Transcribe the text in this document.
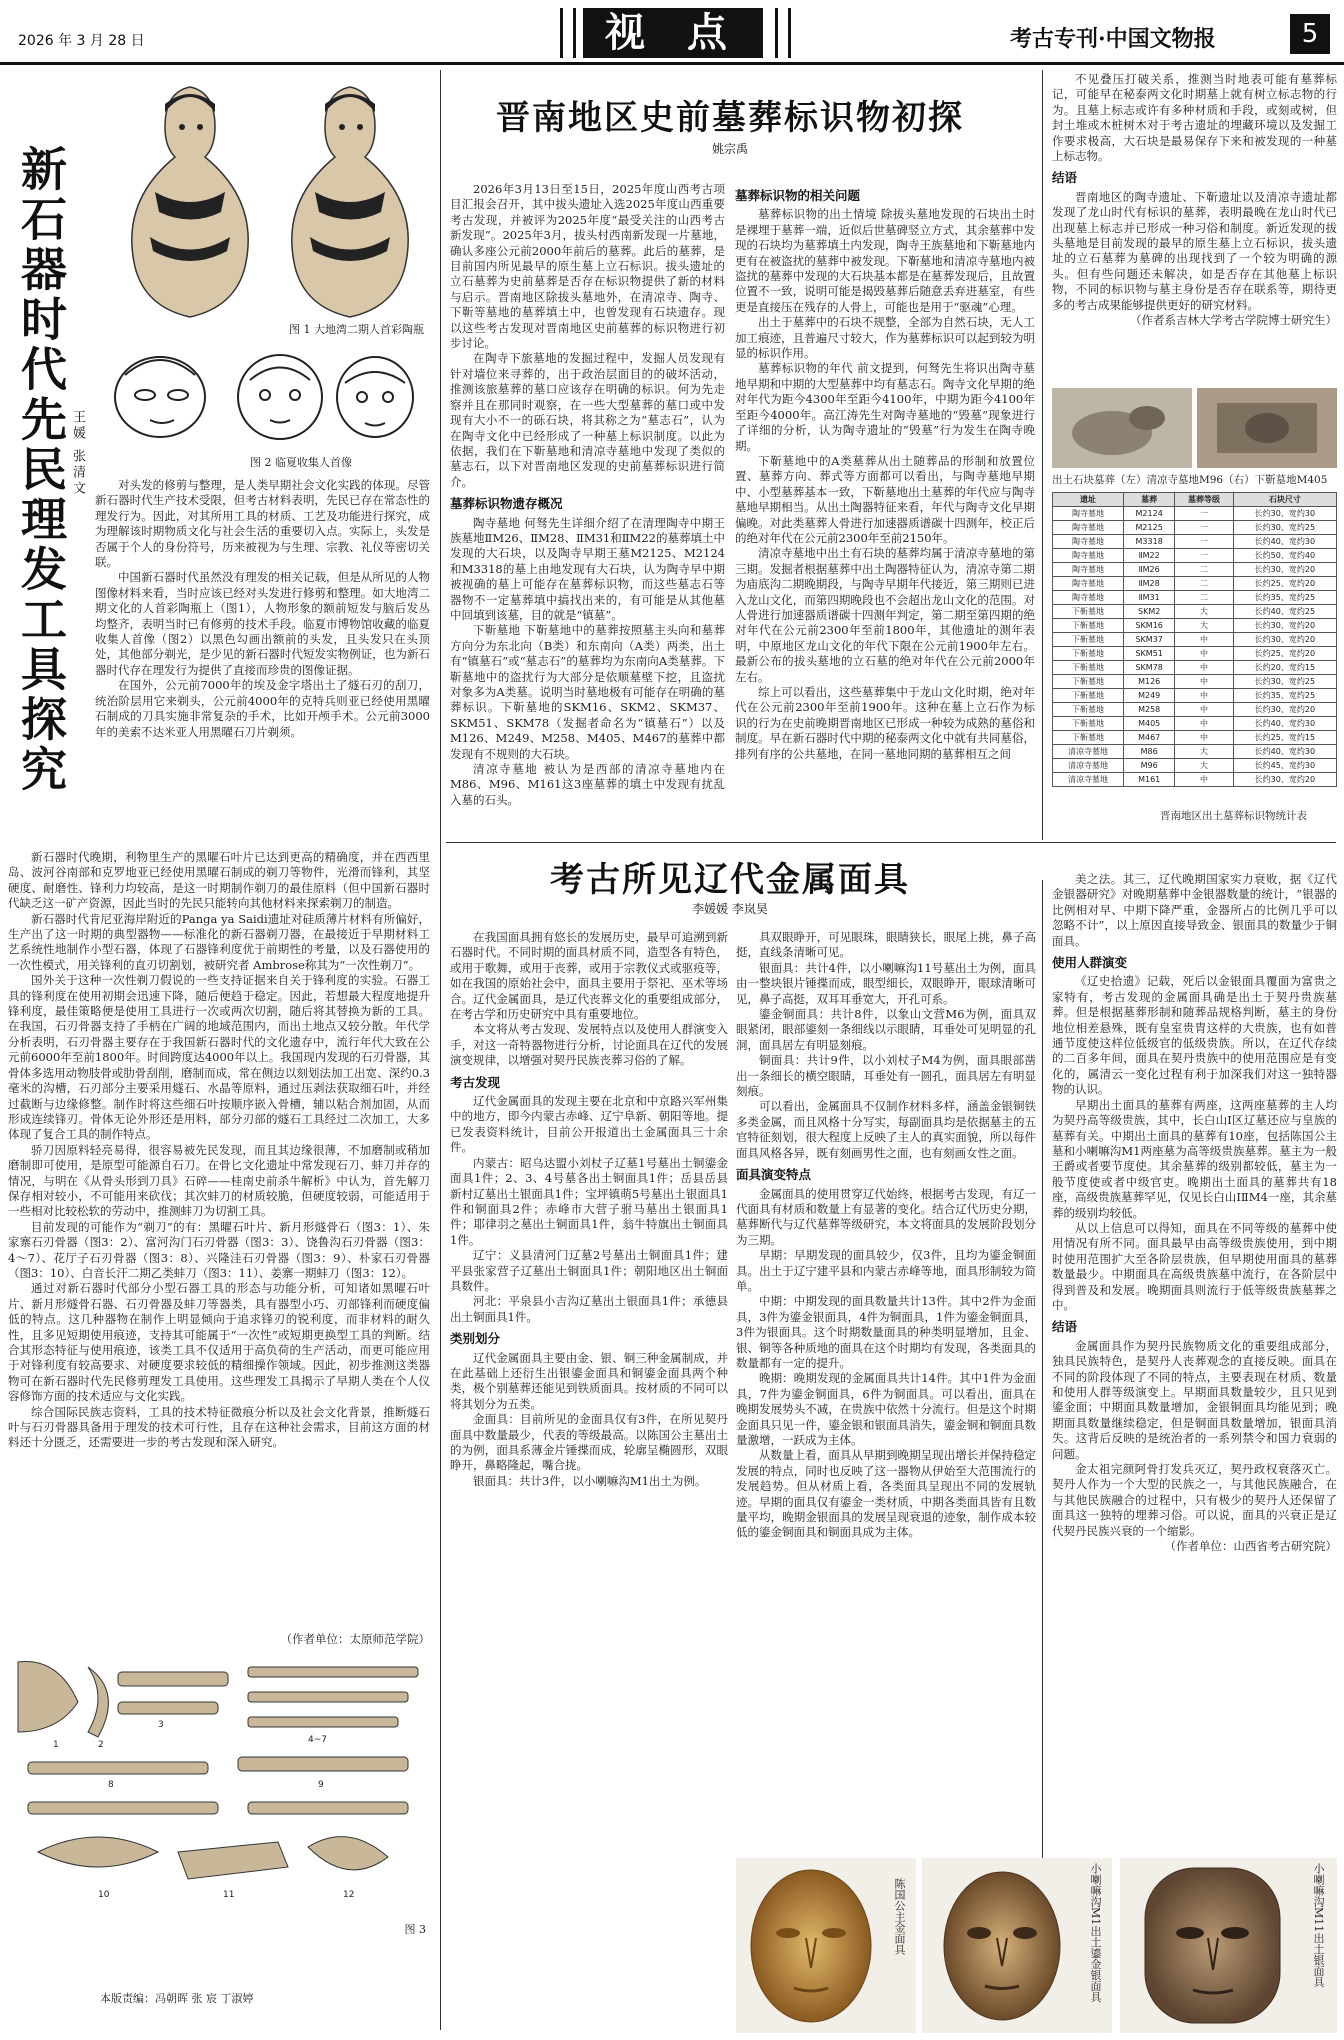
2026 年 3 月 28 日	视 点	考古专刊·中国文物报	5
新石器时代先民理发工具探究 王媛 张清文
图 1 大地湾二期人首彩陶瓶
图 2 临夏收集人首像

对头发的修剪与整理，是人类早期社会文化实践的体现。尽管新石器时代生产技术受限，但考古材料表明，先民已存在常态性的理发行为。因此，对其所用工具的材质、工艺及功能进行探究，成为理解该时期物质文化与社会生活的重要切入点。实际上，头发是否属于个人的身份符号，历来被视为与生理、宗教、礼仪等密切关联。

中国新石器时代虽然没有理发的相关记载，但是从所见的人物图像材料来看，当时应该已经对头发进行修剪和整理。如大地湾二期文化的人首彩陶瓶上（图1），人物形象的额前短发与脑后发丛均整齐，表明当时已有修剪的技术手段。临夏市博物馆收藏的临夏收集人首像（图2）以黑色勾画出额前的头发，且头发只在头顶处，其他部分剃光，是少见的新石器时代短发实物例证，也为新石器时代存在理发行为提供了直接而珍贵的图像证据。

在国外，公元前7000年的埃及金字塔出土了燧石刃的刮刀，统治阶层用它来剃头，公元前4000年的克特兵则亚已经使用黑曜石制成的刀具实施非常复杂的手术，比如开颅手术。公元前3000年的美索不达米亚人用黑曜石刀片剃须。

新石器时代晚期，利物里生产的黑曜石叶片已达到更高的精确度，并在西西里岛、波河谷南部和克罗地亚已经使用黑曜石制成的剃刀等物件，光滑而锋利，其坚硬度、耐磨性、锋利力均较高，是这一时期制作剃刀的最佳原料（但中国新石器时代缺乏这一矿产资源，因此当时的先民只能转向其他材料来探索剃刀的制造。

新石器时代肯尼亚海岸附近的Panga ya Saidi遗址对硅质薄片材料有所偏好，生产出了这一时期的典型器物——标准化的新石器剃刀器，在最接近于早期材料工艺系统性地制作小型石器，体现了石器锋利度优于前期性的考量，以及石器使用的一次性模式，用关锋利的直刃切割划，被研究者 Ambrose称其为“一次性剃刀”。

国外关于这种一次性剃刀假说的一些支持证据来自关于锋利度的实验。石器工具的锋利度在使用初期会迅速下降，随后便趋于稳定。因此，若想最大程度地提升锋利度，最佳策略便是使用工具进行一次或两次切割，随后将其替换为新的工具。在我国，石刃骨器支持了手柄在广阔的地域范围内，而出土地点又较分散。年代学分析表明，石刃骨器主要存在于我国新石器时代的文化遗存中，流行年代大致在公元前6000年至前1800年。时间跨度达4000年以上。我国现内发现的石刃骨器，其骨体多选用动物肢骨或肋骨刮削，磨制而成，常在侧边以刻划法加工出宽、深约0.3毫米的沟槽，石刃部分主要采用燧石、水晶等原料，通过压剥法获取细石叶，并经过截断与边缘修整。制作时将这些细石叶按顺序嵌入骨槽，辅以粘合剂加固，从而形成连续锋刃。骨体无论外形还是用料，部分刃部的燧石工具经过二次加工，大多体现了复合工具的制作特点。

骄刀因原料轻亮易得，很容易被先民发现，而且其边缘很薄，不加磨制或稍加磨制即可使用，是原型可能源自石刀。在骨匕文化遗址中常发现石刀、蚌刀并存的情况，与明在《从骨头形到刀具》石碎——桂南史前杀牛解析》中认为，首先解刀保存相对较小，不可能用来砍伐；其次蚌刀的材质较脆，但硬度较弱，可能适用于一些相对比较松软的劳动中，推测蚌刀为切割工具。

目前发现的可能作为“剃刀”的有：黑曜石叶片、新月形燧骨石（图3：1）、朱家寨石刃骨器（图3：2）、富河沟门石刃骨器（图3：3）、饶鲁沟石刃骨器（图3：4～7）、花厅子石刃骨器（图3：8）、兴隆洼石刃骨器（图3：9）、朴家石刃骨器（图3：10）、白音长汗二期乙类蚌刀（图3：11）、姜寨一期蚌刀（图3：12）。

通过对新石器时代部分小型石器工具的形态与功能分析，可知诸如黑曜石叶片、新月形燧骨石器、石刃骨器及蚌刀等器类，具有器型小巧、刃部锋利而硬度偏低的特点。这几种器物在制作上明显倾向于追求锋刃的锐利度，而非材料的耐久性，且多见短期使用痕迹，支持其可能属于“一次性”或短期更换型工具的判断。结合其形态特征与使用痕迹，该类工具不仅适用于高负荷的生产活动，而更可能应用于对锋利度有较高要求、对硬度要求较低的精细操作领域。因此，初步推测这类器物可在新石器时代先民修剪理发工具使用。这些理发工具揭示了早期人类在个人仪容修饰方面的技术适应与文化实践。

综合国际民族志资料，工具的技术特征微痕分析以及社会文化背景，推断燧石叶与石刃骨器具备用于理发的技术可行性，且存在这种社会需求，目前这方面的材料还十分匮乏，还需要进一步的考古发现和深入研究。

（作者单位：太原师范学院）
1	2
3
4~7
8	9
10	11	12
图 3
本版责编：冯朝晖 张 宸 丁淑婷
晋南地区史前墓葬标识物初探
姚宗禹

2026年3月13日至15日，2025年度山西考古项目汇报会召开，其中拔头遗址入选2025年度山西重要考古发现，并被评为2025年度“最受关注的山西考古新发现”。2025年3月，拔头村西南新发现一片墓地，确认多座公元前2000年前后的墓葬。此后的墓葬，是目前国内所见最早的原生墓上立石标识。拔头遗址的立石墓葬为史前墓葬是否存在标识物提供了新的材料与启示。晋南地区除拔头墓地外，在清凉寺、陶寺、下靳等墓地的墓葬填土中，也曾发现有石块遗存。现以这些考古发现对晋南地区史前墓葬的标识物进行初步讨论。

在陶寺下旅墓地的发掘过程中，发掘人员发现有针对墙位来寻葬的，出于政治层面目的的破坏活动，推测该旅墓葬的墓口应该存在明确的标识。何为先走察并且在那同时观察，在一些大型墓葬的墓口或中发现有大小不一的砾石块，将其称之为“墓志石”，认为在陶寺文化中已经形成了一种墓上标识制度。以此为依据，我们在下靳墓地和清凉寺墓地中发现了类似的墓志石，以下对晋南地区发现的史前墓葬标识进行简介。

墓葬标识物遗存概况

陶寺墓地 何驽先生详细介绍了在清理陶寺中期王族墓地ⅡM26、ⅡM28、ⅡM31和ⅡM22的墓葬填土中发现的大石块，以及陶寺早期王墓M2125、M2124和M3318的墓上由地发现有大石块，认为陶寺早中期被视确的墓上可能存在墓葬标识物，而这些墓志石等器物不一定墓葬填中搞找出来的，有可能是从其他墓中回填到该墓，目的就是“镇墓”。

下靳墓地 下靳墓地中的墓葬按照墓主头向和墓葬方向分为东北向（B类）和东南向（A类）两类，出土有“镇墓石”或“墓志石”的墓葬均为东南向A类墓葬。下靳墓地中的盗扰行为大部分是依顺墓壁下挖，且盗扰对象多为A类墓。说明当时墓地极有可能存在明确的墓葬标识。下靳墓地的SKM16、SKM2、SKM37、SKM51、SKM78（发掘者命名为“镇墓石”）以及M126、M249、M258、M405、M467的墓葬中都发现有不规则的大石块。

清凉寺墓地 被认为是西部的清凉寺墓地内在M86、M96、M161这3座墓葬的填土中发现有扰乱入墓的石头。

墓葬标识物的相关问题

墓葬标识物的出土情境 除拔头墓地发现的石块出土时是裸埋于墓葬一端，近似后世墓碑竖立方式，其余墓葬中发现的石块均为墓葬填土内发现，陶寺王族墓地和下靳墓地内更有在被盗扰的墓葬中被发现。下靳墓地和清凉寺墓地内被盗扰的墓葬中发现的大石块基本都是在墓葬发现后，且故置位置不一致，说明可能是揭毁墓葬后随意丢弃进墓室，有些更是直接压在残存的人骨上，可能也是用于“驱魂”心理。

出土于墓葬中的石块不规整，全部为自然石块，无人工加工痕迹，且普遍尺寸较大，作为墓葬标识可以起到较为明显的标识作用。

墓葬标识物的年代 前文提到，何驽先生将识出陶寺墓地早期和中期的大型墓葬中均有墓志石。陶寺文化早期的绝对年代为距今4300年至距今4100年，中期为距今4100年至距今4000年。高江涛先生对陶寺墓地的“毁墓”现象进行了详细的分析，认为陶寺遗址的“毁墓”行为发生在陶寺晚期。

下靳墓地中的A类墓葬从出土随葬品的形制和放置位置、墓葬方向、葬式等方面都可以看出，与陶寺墓地早期中、小型墓葬基本一致，下靳墓地出土墓葬的年代应与陶寺墓地早期相当。从出土陶器特征来看，年代与陶寺文化早期偏晚。对此类墓葬人骨进行加速器质谱碳十四测年，校正后的绝对年代在公元前2300年至前2150年。

清凉寺墓地中出土有石块的墓葬均属于清凉寺墓地的第三期。发掘者根据墓葬中出土陶器特征认为，清凉寺第二期为庙底沟二期晚期段，与陶寺早期年代接近，第三期则已进入龙山文化，而第四期晚段也不会超出龙山文化的范围。对人骨进行加速器质谱碳十四测年判定，第二期至第四期的绝对年代在公元前2300年至前1800年，其他遗址的测年表明，中原地区龙山文化的年代下限在公元前1900年左右。最新公布的拔头墓地的立石墓的绝对年代在公元前2000年左右。

综上可以看出，这些墓葬集中于龙山文化时期，绝对年代在公元前2300年至前1900年。这种在墓上立石作为标识的行为在史前晚期晋南地区已形成一种较为成熟的墓俗和制度。早在新石器时代中期的秘泰两文化中就有共同墓俗，排列有序的公共墓地，在同一墓地同期的墓葬相互之间

不见叠压打破关系，推测当时地表可能有墓葬标记，可能早在秘泰两文化时期墓上就有树立标志物的行为。且墓上标志或许有多种材质和手段，或刻或树，但封土堆或木桩树木对于考古遗址的埋藏环境以及发掘工作要求极高，大石块是最易保存下来和被发现的一种墓上标志物。

结语

晋南地区的陶寺遗址、下靳遗址以及清凉寺遗址都发现了龙山时代有标识的墓葬，表明最晚在龙山时代已出现墓上标志并已形成一种习俗和制度。新近发现的拔头墓地是目前发现的最早的原生墓上立石标识，拔头遗址的立石墓葬为墓碑的出现找到了一个较为明确的源头。但有些问题还未解决，如是否存在其他墓上标识物，不同的标识物与墓主身份是否存在联系等，期待更多的考古成果能够提供更好的研究材料。

（作者系吉林大学考古学院博士研究生）
出土石块墓葬（左）清凉寺墓地M96（右）下靳墓地M405
遗址	墓葬	墓葬等级	石块尺寸
陶寺墓地	M2124	一	长约30、宽约30
陶寺墓地	M2125	一	长约30、宽约25
陶寺墓地	M3318	一	长约40、宽约30
陶寺墓地	ⅡM22	一	长约50、宽约40
陶寺墓地	ⅡM26	二	长约30、宽约20
陶寺墓地	ⅡM28	二	长约25、宽约20
陶寺墓地	ⅡM31	二	长约35、宽约25
下靳墓地	SKM2	大	长约40、宽约25
下靳墓地	SKM16	大	长约30、宽约20
下靳墓地	SKM37	中	长约30、宽约20
下靳墓地	SKM51	中	长约25、宽约20
下靳墓地	SKM78	中	长约20、宽约15
下靳墓地	M126	中	长约30、宽约25
下靳墓地	M249	中	长约35、宽约25
下靳墓地	M258	中	长约30、宽约20
下靳墓地	M405	中	长约40、宽约30
下靳墓地	M467	中	长约25、宽约15
清凉寺墓地	M86	大	长约40、宽约30
清凉寺墓地	M96	大	长约45、宽约30
清凉寺墓地	M161	中	长约30、宽约20
晋南地区出土墓葬标识物统计表
考古所见辽代金属面具
李媛媛 李岚昊

在我国面具拥有悠长的发展历史，最早可追溯到新石器时代。不同时期的面具材质不同，造型各有特色，或用于歌舞，或用于丧葬，或用于宗教仪式或驱疫等，如在我国的原始社会中，面具主要用于祭祀、巫术等场合。辽代金属面具，是辽代丧葬文化的重要组成部分，在考古学和历史研究中具有重要地位。

本文将从考古发现、发展特点以及使用人群演变入手，对这一奇特器物进行分析，讨论面具在辽代的发展演变规律，以增强对契丹民族丧葬习俗的了解。

考古发现

辽代金属面具的发现主要在北京和中京路兴军州集中的地方，即今内蒙古赤峰、辽宁阜新、朝阳等地。提已发表资料统计，目前公开报道出土金属面具三十余件。

内蒙古：昭乌达盟小刘杖子辽墓1号墓出土铜鎏金面具1件；2、3、4号墓各出土铜面具1件；岳县岳县新村辽墓出土银面具1件；宝坪镇萌5号墓出土银面具1件和铜面具2件；赤峰市大营子驸马墓出土银面具1件；耶律羽之墓出土铜面具1件，翁牛特旗出土铜面具1件。

辽宁：义县清河门辽墓2号墓出土铜面具1件；建平县张家营子辽墓出土铜面具1件；朝阳地区出土铜面具数件。

河北：平泉县小吉沟辽墓出土银面具1件；承德县出土铜面具1件。

类别划分

辽代金属面具主要由金、银、铜三种金属制成，并在此基础上还衍生出银鎏金面具和铜鎏金面具两个种类，极个别墓葬还能见到铁质面具。按材质的不同可以将其划分为五类。

金面具：目前所见的金面具仅有3件，在所见契丹面具中数量最少，代表的等级最高。以陈国公主墓出土的为例，面具系薄金片锤揲而成，轮廓呈椭圆形，双眼睁开，鼻略隆起，嘴合拢。

银面具：共计3件，以小喇嘛沟M1出土为例。

具双眼睁开，可见眼珠，眼睛狭长，眼尾上挑，鼻子高挺，直线条清晰可见。

银面具：共计4件，以小喇嘛沟11号墓出土为例，面具由一整块银片锤揲而成，眼型细长，双眼睁开，眼球清晰可见，鼻子高挺，双耳耳垂宽大，开孔可系。

鎏金铜面具：共计8件，以象山文营M6为例，面具双眼紧闭，眼部鎏刻一条细线以示眼睛，耳垂处可见明显的孔洞，面具居左有明显刻痕。

铜面具：共计9件，以小刘杖子M4为例，面具眼部凿出一条细长的横空眼睛，耳垂处有一圆孔，面具居左有明显刻痕。

可以看出，金属面具不仅制作材料多样，涵盖金银铜铁多类金属，而且风格十分写实，每副面具均是依据墓主的五官特征刻划，很大程度上反映了主人的真实面貌，所以每件面具风格各异，既有刻画男性之面，也有刻画女性之面。

面具演变特点

金属面具的使用贯穿辽代始终，根据考古发现，有辽一代面具有材质和数量上有显著的变化。结合辽代历史分期，墓葬断代与辽代墓葬等级研究，本文将面具的发展阶段划分为三期。

早期：早期发现的面具较少，仅3件，且均为鎏金铜面具。出土于辽宁建平县和内蒙古赤峰等地，面具形制较为简单。

中期：中期发现的面具数量共计13件。其中2件为金面具，3件为鎏金银面具，4件为铜面具，1件为鎏金铜面具，3件为银面具。这个时期数量面具的种类明显增加，且金、银、铜等各种质地的面具在这个时期均有发现，各类面具的数量都有一定的提升。

晚期：晚期发现的金属面具共计14件。其中1件为金面具，7件为鎏金铜面具，6件为铜面具。可以看出，面具在晚期发展势头不减，在贵族中依然十分流行。但是这个时期金面具只见一件，鎏金银和银面具消失，鎏金铜和铜面具数量激增，一跃成为主体。

从数量上看，面具从早期到晚期呈现出增长并保持稳定发展的特点，同时也反映了这一器物从伊始至大范围流行的发展趋势。但从材质上看，各类面具呈现出不同的发展轨迹。早期的面具仅有鎏金一类材质，中期各类面具皆有且数量平均，晚期金银面具的发展呈现衰退的迹象，制作成本较低的鎏金铜面具和铜面具成为主体。

美之法。其三，辽代晚期国家实力衰败，据《辽代金银器研究》对晚期墓葬中金银器数量的统计，“银器的比例相对早、中期下降严重，金器所占的比例几乎可以忽略不计”，以上原因直接导致金、银面具的数量少于铜面具。

使用人群演变

《辽史拾遗》记载，死后以金银面具覆面为富贵之家特有，考古发现的金属面具确是出土于契丹贵族墓葬。但是根据墓葬形制和随葬品规格判断，墓主的身份地位相差悬殊，既有皇室贵胄这样的大贵族，也有如普通节度使这样位低级官的低级贵族。所以，在辽代存续的二百多年间，面具在契丹贵族中的使用范围应是有变化的，属清云一变化过程有利于加深我们对这一独特器物的认识。

早期出土面具的墓葬有两座，这两座墓葬的主人均为契丹高等级贵族，其中，长白山Ⅰ区辽墓还应与皇族的墓葬有关。中期出土面具的墓葬有10座，包括陈国公主墓和小喇嘛沟M1两座墓为高等级贵族墓葬。墓主为一般王爵或者要节度使。其余墓葬的级别都较低，墓主为一般节度使或者中级官吏。晚期出土面具的墓葬共有18座，高级贵族墓葬罕见，仅见长白山ⅠⅡM4一座，其余墓葬的级别均较低。

从以上信息可以得知，面具在不同等级的墓葬中使用情况有所不同。面具最早由高等级贵族使用，到中期时使用范围扩大至各阶层贵族，但早期使用面具的墓葬数量最少。中期面具在高级贵族墓中流行，在各阶层中得到普及和发展。晚期面具则流行于低等级贵族墓葬之中。

结语

金属面具作为契丹民族物质文化的重要组成部分，独具民族特色，是契丹人丧葬观念的直接反映。面具在不同的阶段体现了不同的特点，主要表现在材质、数量和使用人群等级演变上。早期面具数量较少，且只见到鎏金面；中期面具数量增加，金银铜面具均能见到；晚期面具数量继续稳定，但是铜面具数量增加，银面具消失。这背后反映的是统治者的一系列禁令和国力衰弱的问题。

金太祖完颜阿骨打发兵灭辽，契丹政权衰落灭亡。契丹人作为一个大型的民族之一，与其他民族融合，在与其他民族融合的过程中，只有极少的契丹人还保留了面具这一独特的埋葬习俗。可以说，面具的兴衰正是辽代契丹民族兴衰的一个缩影。

（作者单位：山西省考古研究院）
陈国公主金面具	小喇嘛沟M1出土鎏金银面具	小喇嘛沟M11出土银面具
